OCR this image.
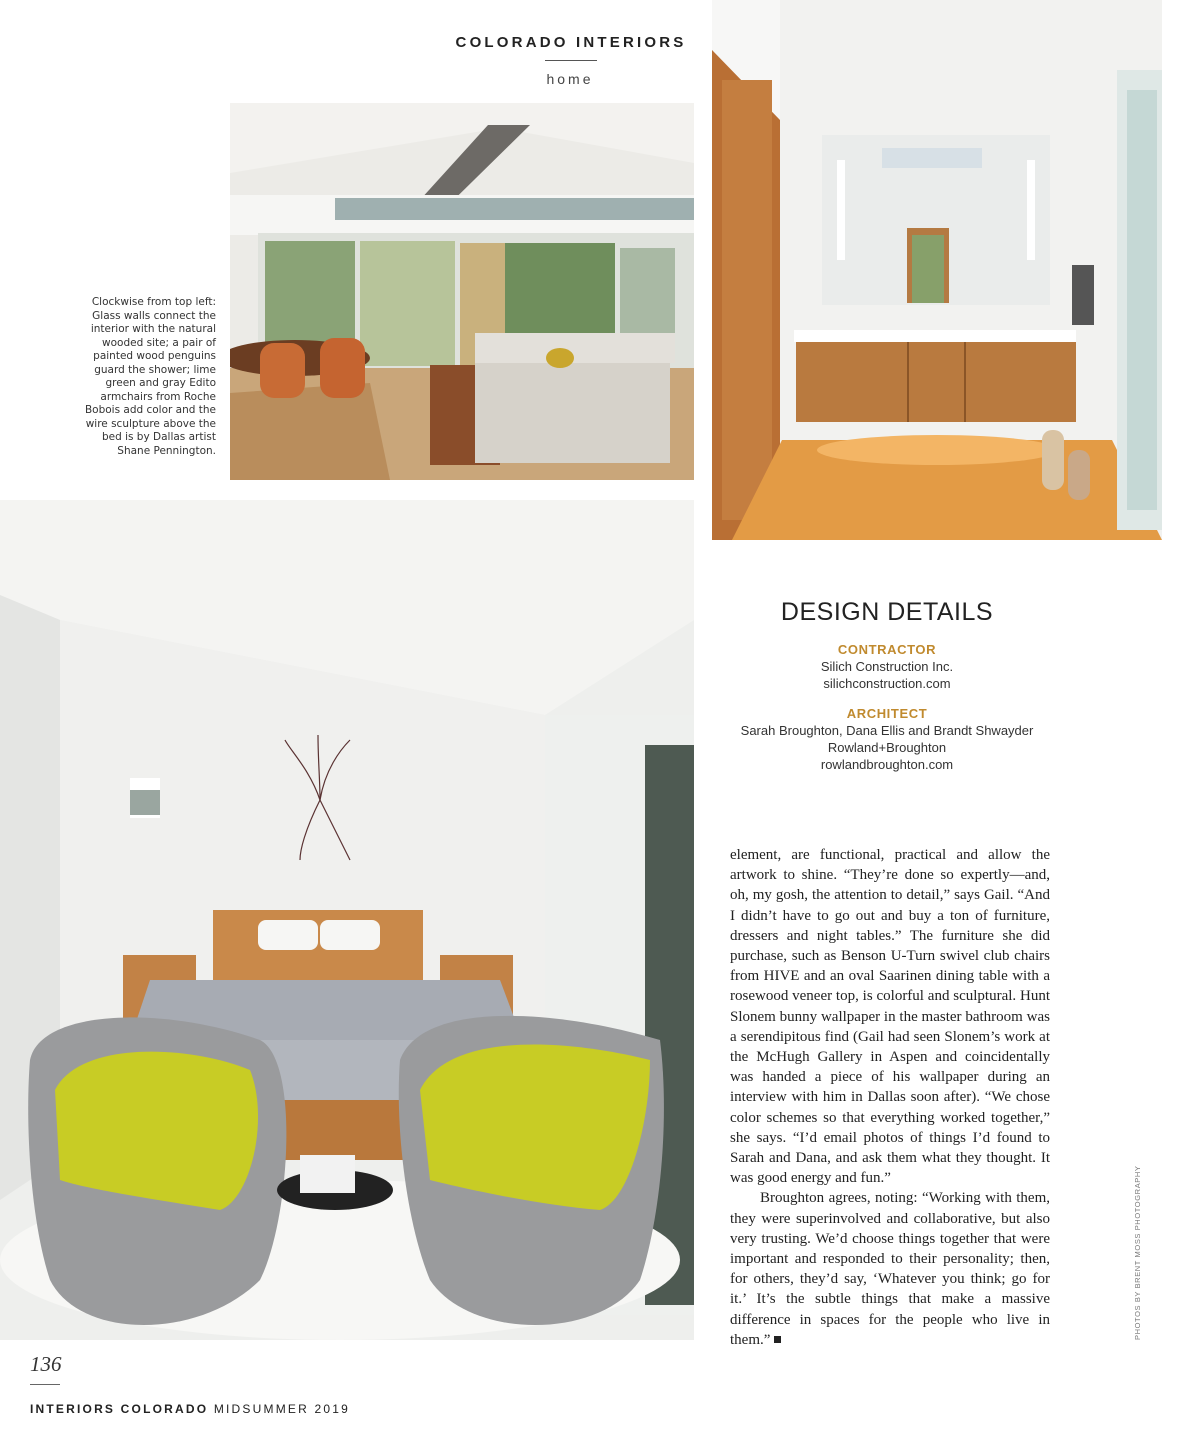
COLORADO INTERIORS
home
Clockwise from top left: Glass walls connect the interior with the natural wooded site; a pair of painted wood penguins guard the shower; lime green and gray Edito armchairs from Roche Bobois add color and the wire sculpture above the bed is by Dallas artist Shane Pennington.
DESIGN DETAILS
CONTRACTOR
Silich Construction Inc.
silichconstruction.com
ARCHITECT
Sarah Broughton, Dana Ellis and Brandt Shwayder
Rowland+Broughton
rowlandbroughton.com

element, are functional, practical and allow the artwork to shine. “They’re done so expertly—and, oh, my gosh, the attention to detail,” says Gail. “And I didn’t have to go out and buy a ton of furniture, dressers and night tables.” The furniture she did purchase, such as Benson U-Turn swivel club chairs from HIVE and an oval Saarinen dining table with a rosewood veneer top, is colorful and sculptural. Hunt Slonem bunny wallpaper in the master bathroom was a serendipitous find (Gail had seen Slonem’s work at the McHugh Gallery in Aspen and coincidentally was handed a piece of his wallpaper during an interview with him in Dallas soon after). “We chose color schemes so that everything worked together,” she says. “I’d email photos of things I’d found to Sarah and Dana, and ask them what they thought. It was good energy and fun.”

Broughton agrees, noting: “Working with them, they were superinvolved and collaborative, but also very trusting. We’d choose things together that were important and responded to their personality; then, for others, they’d say, ‘Whatever you think; go for it.’ It’s the subtle things that make a massive difference in spaces for the people who live in them.”	PHOTOS BY BRENT MOSS PHOTOGRAPHY
136
INTERIORS COLORADO MIDSUMMER 2019
